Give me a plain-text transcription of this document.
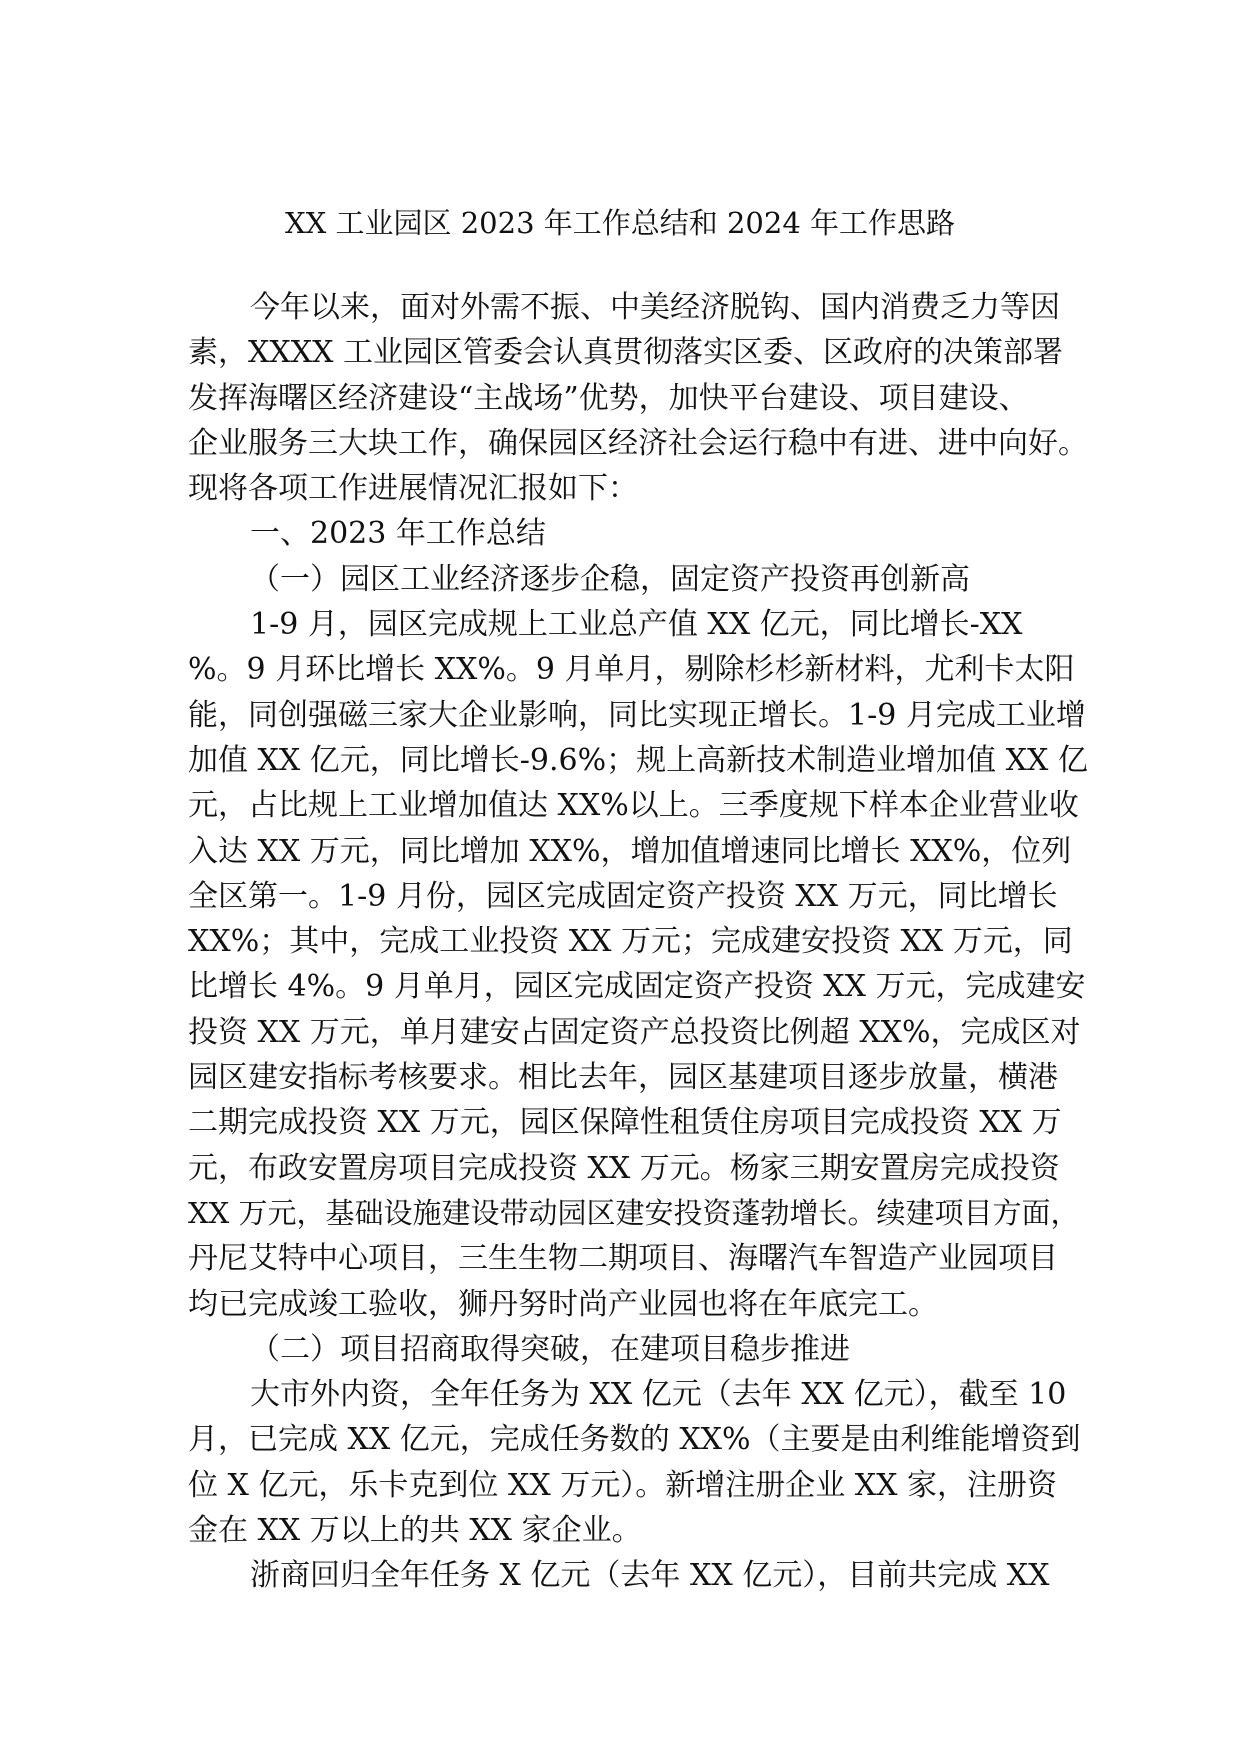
XX 工业园区 2023 年工作总结和 2024 年工作思路
今年以来，面对外需不振、中美经济脱钩、国内消费乏力等因
素，XXXX 工业园区管委会认真贯彻落实区委、区政府的决策部署
发挥海曙区经济建设“主战场”优势，加快平台建设、项目建设、
企业服务三大块工作，确保园区经济社会运行稳中有进、进中向好。
现将各项工作进展情况汇报如下：
一、2023 年工作总结
（一）园区工业经济逐步企稳，固定资产投资再创新高
1-9 月，园区完成规上工业总产值 XX 亿元，同比增长-XX
%。9 月环比增长 XX%。9 月单月，剔除杉杉新材料，尤利卡太阳
能，同创强磁三家大企业影响，同比实现正增长。1-9 月完成工业增
加值 XX 亿元，同比增长-9.6%；规上高新技术制造业增加值 XX 亿
元，占比规上工业增加值达 XX%以上。三季度规下样本企业营业收
入达 XX 万元，同比增加 XX%，增加值增速同比增长 XX%，位列
全区第一。1-9 月份，园区完成固定资产投资 XX 万元，同比增长
XX%；其中，完成工业投资 XX 万元；完成建安投资 XX 万元，同
比增长 4%。9 月单月，园区完成固定资产投资 XX 万元，完成建安
投资 XX 万元，单月建安占固定资产总投资比例超 XX%，完成区对
园区建安指标考核要求。相比去年，园区基建项目逐步放量，横港
二期完成投资 XX 万元，园区保障性租赁住房项目完成投资 XX 万
元，布政安置房项目完成投资 XX 万元。杨家三期安置房完成投资
XX 万元，基础设施建设带动园区建安投资蓬勃增长。续建项目方面，
丹尼艾特中心项目，三生生物二期项目、海曙汽车智造产业园项目
均已完成竣工验收，狮丹努时尚产业园也将在年底完工。
（二）项目招商取得突破，在建项目稳步推进
大市外内资，全年任务为 XX 亿元（去年 XX 亿元），截至 10
月，已完成 XX 亿元，完成任务数的 XX%（主要是由利维能增资到
位 X 亿元，乐卡克到位 XX 万元）。新增注册企业 XX 家，注册资
金在 XX 万以上的共 XX 家企业。
浙商回归全年任务 X 亿元（去年 XX 亿元），目前共完成 XX
